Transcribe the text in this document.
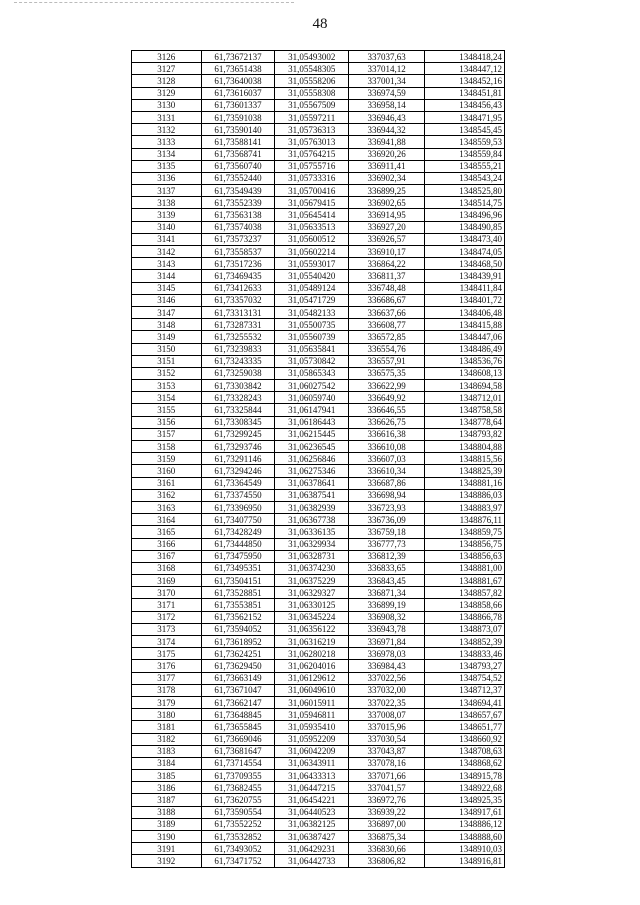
48
3126	61,73672137	31,05493002	337037,63	1348418,24
3127	61,73651438	31,05548305	337014,12	1348447,12
3128	61,73640038	31,05558206	337001,34	1348452,16
3129	61,73616037	31,05558308	336974,59	1348451,81
3130	61,73601337	31,05567509	336958,14	1348456,43
3131	61,73591038	31,05597211	336946,43	1348471,95
3132	61,73590140	31,05736313	336944,32	1348545,45
3133	61,73588141	31,05763013	336941,88	1348559,53
3134	61,73568741	31,05764215	336920,26	1348559,84
3135	61,73560740	31,05755716	336911,41	1348555,21
3136	61,73552440	31,05733316	336902,34	1348543,24
3137	61,73549439	31,05700416	336899,25	1348525,80
3138	61,73552339	31,05679415	336902,65	1348514,75
3139	61,73563138	31,05645414	336914,95	1348496,96
3140	61,73574038	31,05633513	336927,20	1348490,85
3141	61,73573237	31,05600512	336926,57	1348473,40
3142	61,73558537	31,05602214	336910,17	1348474,05
3143	61,73517236	31,05593017	336864,22	1348468,50
3144	61,73469435	31,05540420	336811,37	1348439,91
3145	61,73412633	31,05489124	336748,48	1348411,84
3146	61,73357032	31,05471729	336686,67	1348401,72
3147	61,73313131	31,05482133	336637,66	1348406,48
3148	61,73287331	31,05500735	336608,77	1348415,88
3149	61,73255532	31,05560739	336572,85	1348447,06
3150	61,73239833	31,05635841	336554,76	1348486,49
3151	61,73243335	31,05730842	336557,91	1348536,76
3152	61,73259038	31,05865343	336575,35	1348608,13
3153	61,73303842	31,06027542	336622,99	1348694,58
3154	61,73328243	31,06059740	336649,92	1348712,01
3155	61,73325844	31,06147941	336646,55	1348758,58
3156	61,73308345	31,06186443	336626,75	1348778,64
3157	61,73299245	31,06215445	336616,38	1348793,82
3158	61,73293746	31,06236545	336610,08	1348804,88
3159	61,73291146	31,06256846	336607,03	1348815,56
3160	61,73294246	31,06275346	336610,34	1348825,39
3161	61,73364549	31,06378641	336687,86	1348881,16
3162	61,73374550	31,06387541	336698,94	1348886,03
3163	61,73396950	31,06382939	336723,93	1348883,97
3164	61,73407750	31,06367738	336736,09	1348876,11
3165	61,73428249	31,06336135	336759,18	1348859,75
3166	61,73444850	31,06329934	336777,73	1348856,75
3167	61,73475950	31,06328731	336812,39	1348856,63
3168	61,73495351	31,06374230	336833,65	1348881,00
3169	61,73504151	31,06375229	336843,45	1348881,67
3170	61,73528851	31,06329327	336871,34	1348857,82
3171	61,73553851	31,06330125	336899,19	1348858,66
3172	61,73562152	31,06345224	336908,32	1348866,78
3173	61,73594052	31,06356122	336943,78	1348873,07
3174	61,73618952	31,06316219	336971,84	1348852,39
3175	61,73624251	31,06280218	336978,03	1348833,46
3176	61,73629450	31,06204016	336984,43	1348793,27
3177	61,73663149	31,06129612	337022,56	1348754,52
3178	61,73671047	31,06049610	337032,00	1348712,37
3179	61,73662147	31,06015911	337022,35	1348694,41
3180	61,73648845	31,05946811	337008,07	1348657,67
3181	61,73655845	31,05935410	337015,96	1348651,77
3182	61,73669046	31,05952209	337030,54	1348660,92
3183	61,73681647	31,06042209	337043,87	1348708,63
3184	61,73714554	31,06343911	337078,16	1348868,62
3185	61,73709355	31,06433313	337071,66	1348915,78
3186	61,73682455	31,06447215	337041,57	1348922,68
3187	61,73620755	31,06454221	336972,76	1348925,35
3188	61,73590554	31,06440523	336939,22	1348917,61
3189	61,73552252	31,06382125	336897,00	1348886,12
3190	61,73532852	31,06387427	336875,34	1348888,60
3191	61,73493052	31,06429231	336830,66	1348910,03
3192	61,73471752	31,06442733	336806,82	1348916,81
